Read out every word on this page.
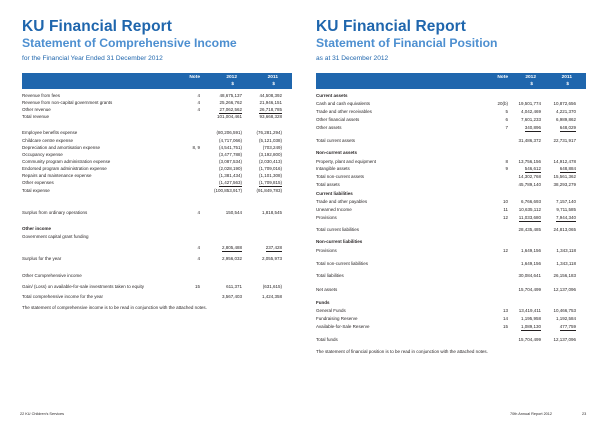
KU Financial Report
Statement of Comprehensive Income
for the Financial Year Ended 31 December 2012
Note	2012	2011
$	$
Revenue from fees	4	48,675,137	44,508,392
Revenue from non-capital government grants	4	25,266,762	21,946,151
Other revenue	4	27,062,562	26,718,785
Total revenue	101,004,461	93,668,328
Employee benefits expense	(80,206,591)	(76,281,294)
Childcare centre expense	(4,717,066)	(5,121,038)
Depreciation and amortisation expense	8, 9	(4,541,751)	(703,249)
Occupancy expense	(3,477,788)	(3,192,800)
Community program administration expense	(3,087,534)	(2,030,413)
Endorsed program administration expense	(2,028,190)	(1,709,016)
Repairs and maintenance expense	(1,381,434)	(1,101,308)
Other expenses	(1,427,563)	(1,709,815)
Total expense	(100,853,917)	(91,849,783)
Surplus from ordinary operations	4	150,544	1,818,545
Other income
Government capital grant funding
4	2,805,488	237,428
Surplus for the year	4	2,956,032	2,055,973
Other Comprehensive income
Gain/ (Loss) on available-for-sale investments taken to equity	15	611,371	(631,615)
Total comprehensive income for the year	3,567,403	1,424,358
The statement of comprehensive income is to be read in conjunction with the attached notes.
22 KU Children's Services
KU Financial Report
Statement of Financial Position
as at 31 December 2012
Note	2012	2011
$	$
Current assets
Cash and cash equivalents	20(b) 19,501,774	10,872,656
Trade and other receivables	5	4,042,469	4,221,370
Other financial assets	6	7,601,233	6,989,862
Other assets	7	340,896	648,029
Total current assets	31,486,372	22,731,917
Non-current assets
Property, plant and equipment	8 13,756,156	14,912,478
Intangible assets	9	546,612	648,884
Total non-current assets	14,302,768	15,561,362
Total assets	45,789,140	38,293,279
Current liabilities
Trade and other payables	10	6,766,693	7,157,140
Unearned Income	11 10,635,112	9,711,585
Provisions	12 11,033,680	7,944,340
Total current liabilities	28,435,485	24,813,065
Non-current liabilities
Provisions	12	1,649,156	1,343,118
Total non-current liabilities	1,649,156	1,343,118
Total liabilities	30,084,641	26,156,183
Net assets	15,704,499	12,137,096
Funds
General Funds	13 13,419,411	10,466,753
Fundraising Reserve	14	1,195,958	1,192,584
Available-for-Sale Reserve	15	1,089,130	477,759
Total funds	15,704,499	12,137,096
The statement of financial position is to be read in conjunction with the attached notes.
70th Annual Report 2012	23
